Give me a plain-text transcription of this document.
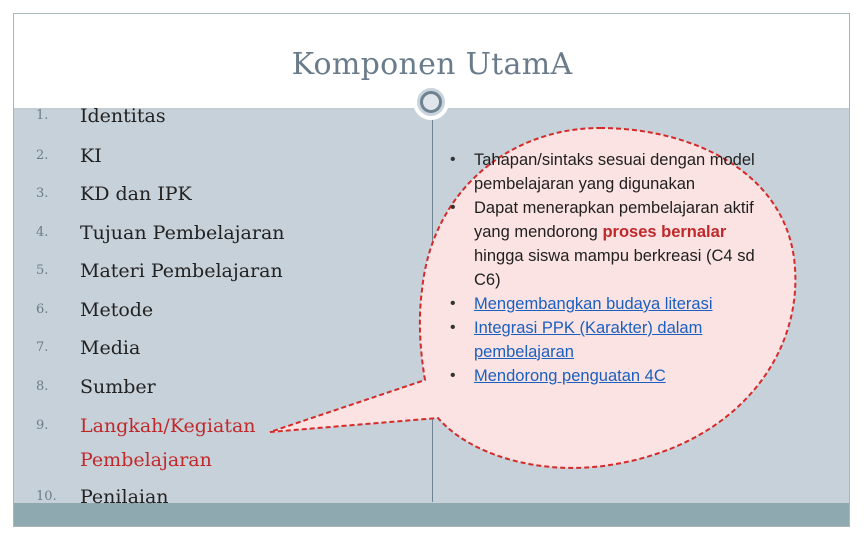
Komponen UtamA
1. Identitas
2. KI
3. KD dan IPK
4. Tujuan Pembelajaran
5. Materi Pembelajaran
6. Metode
7. Media
8. Sumber
9. Langkah/Kegiatan
Pembelajaran
10. Penilaian
• Tahapan/sintaks sesuai dengan model pembelajaran yang digunakan
• Dapat menerapkan pembelajaran aktif yang mendorong proses bernalar hingga siswa mampu berkreasi (C4 sd C6)
• Mengembangkan budaya literasi
• Integrasi PPK (Karakter) dalam pembelajaran
• Mendorong penguatan 4C
